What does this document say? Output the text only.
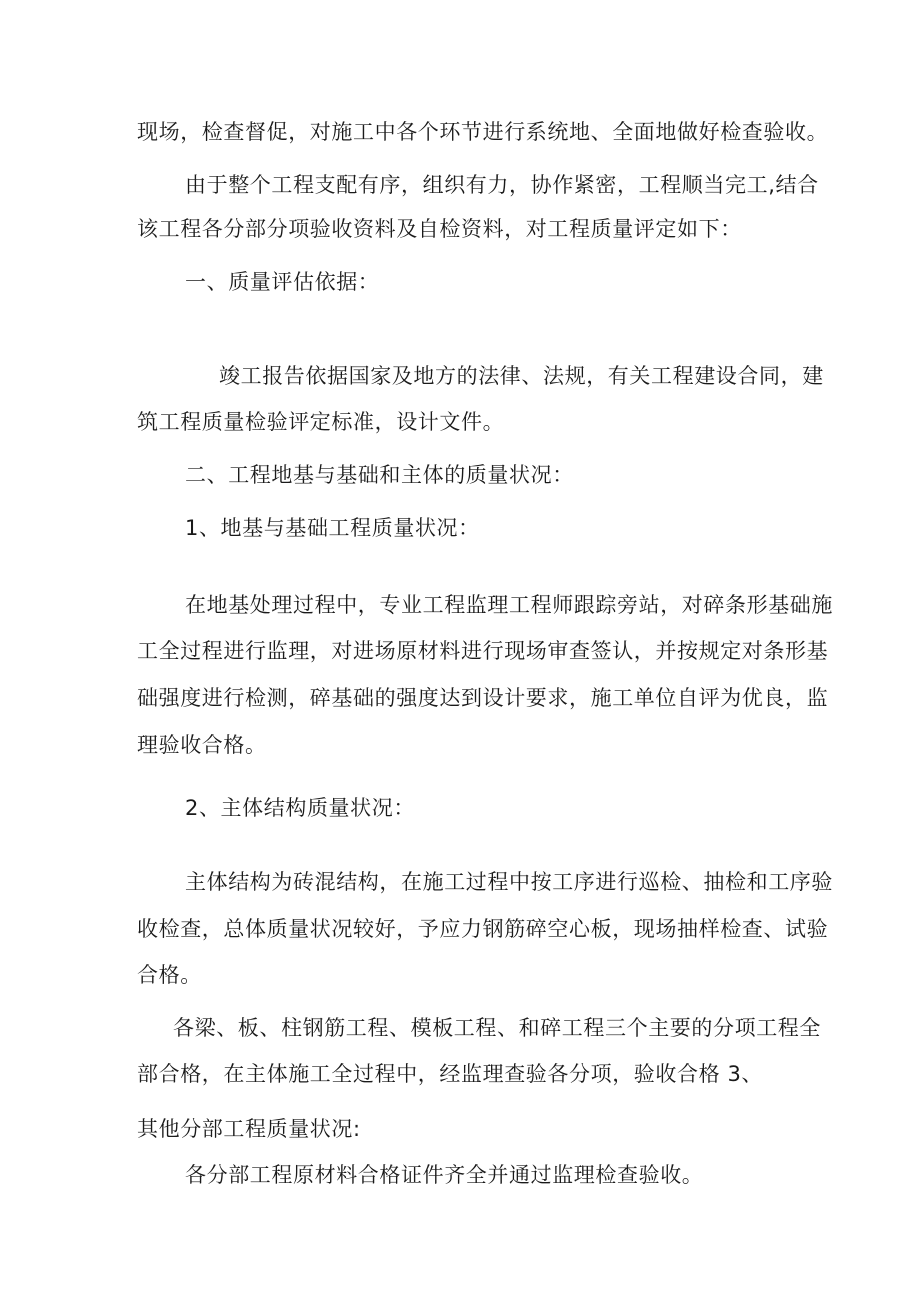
现场，检查督促，对施工中各个环节进行系统地、全面地做好检查验收。
由于整个工程支配有序，组织有力，协作紧密，工程顺当完工,结合
该工程各分部分项验收资料及自检资料，对工程质量评定如下：
一、质量评估依据：
竣工报告依据国家及地方的法律、法规，有关工程建设合同，建
筑工程质量检验评定标准，设计文件。
二、工程地基与基础和主体的质量状况：
1、地基与基础工程质量状况：
在地基处理过程中，专业工程监理工程师跟踪旁站，对碎条形基础施
工全过程进行监理，对进场原材料进行现场审查签认，并按规定对条形基
础强度进行检测，碎基础的强度达到设计要求，施工单位自评为优良，监
理验收合格。
2、主体结构质量状况：
主体结构为砖混结构，在施工过程中按工序进行巡检、抽检和工序验
收检查，总体质量状况较好，予应力钢筋碎空心板，现场抽样检查、试验
合格。
各梁、板、柱钢筋工程、模板工程、和碎工程三个主要的分项工程全
部合格，在主体施工全过程中，经监理查验各分项，验收合格 3、
其他分部工程质量状况:
各分部工程原材料合格证件齐全并通过监理检查验收。
